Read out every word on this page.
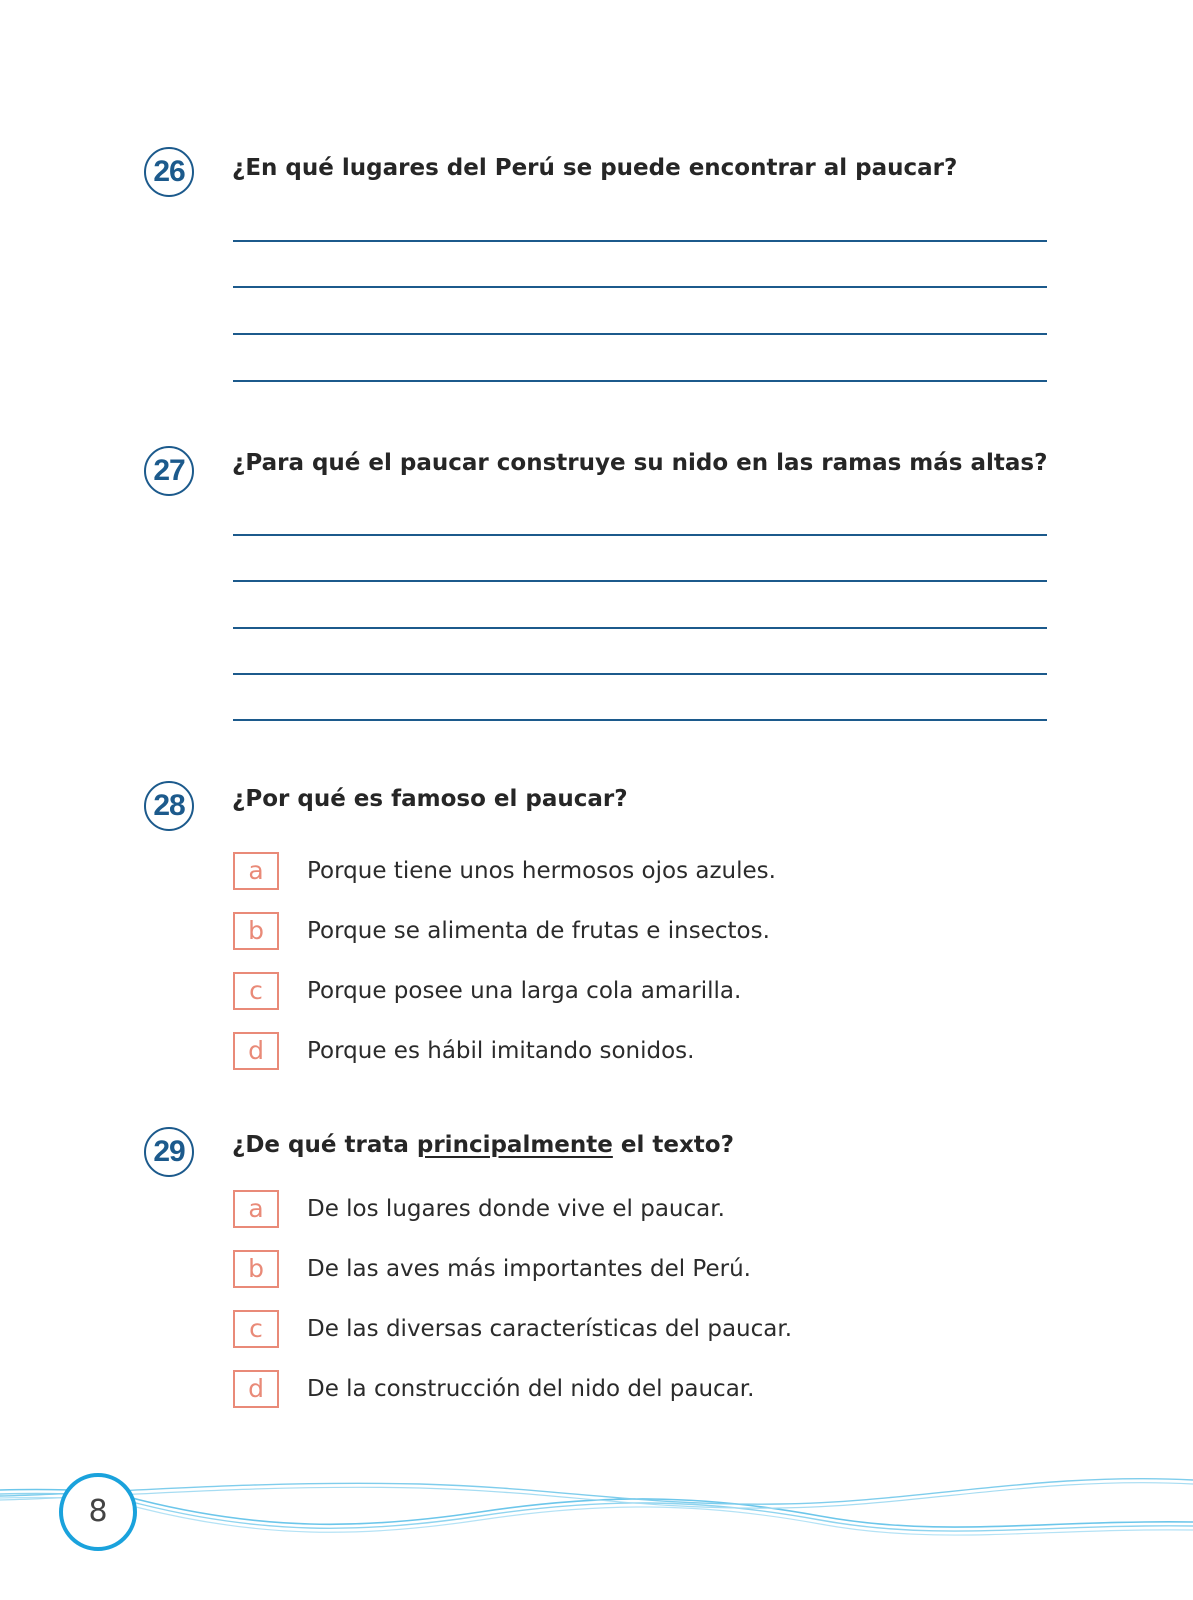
26	¿En qué lugares del Perú se puede encontrar al paucar?
27	¿Para qué el paucar construye su nido en las ramas más altas?
28	¿Por qué es famoso el paucar?
a	Porque tiene unos hermosos ojos azules.
b	Porque se alimenta de frutas e insectos.
c	Porque posee una larga cola amarilla.
d	Porque es hábil imitando sonidos.
29	¿De qué trata principalmente el texto?
a	De los lugares donde vive el paucar.
b	De las aves más importantes del Perú.
c	De las diversas características del paucar.
d	De la construcción del nido del paucar.
8
